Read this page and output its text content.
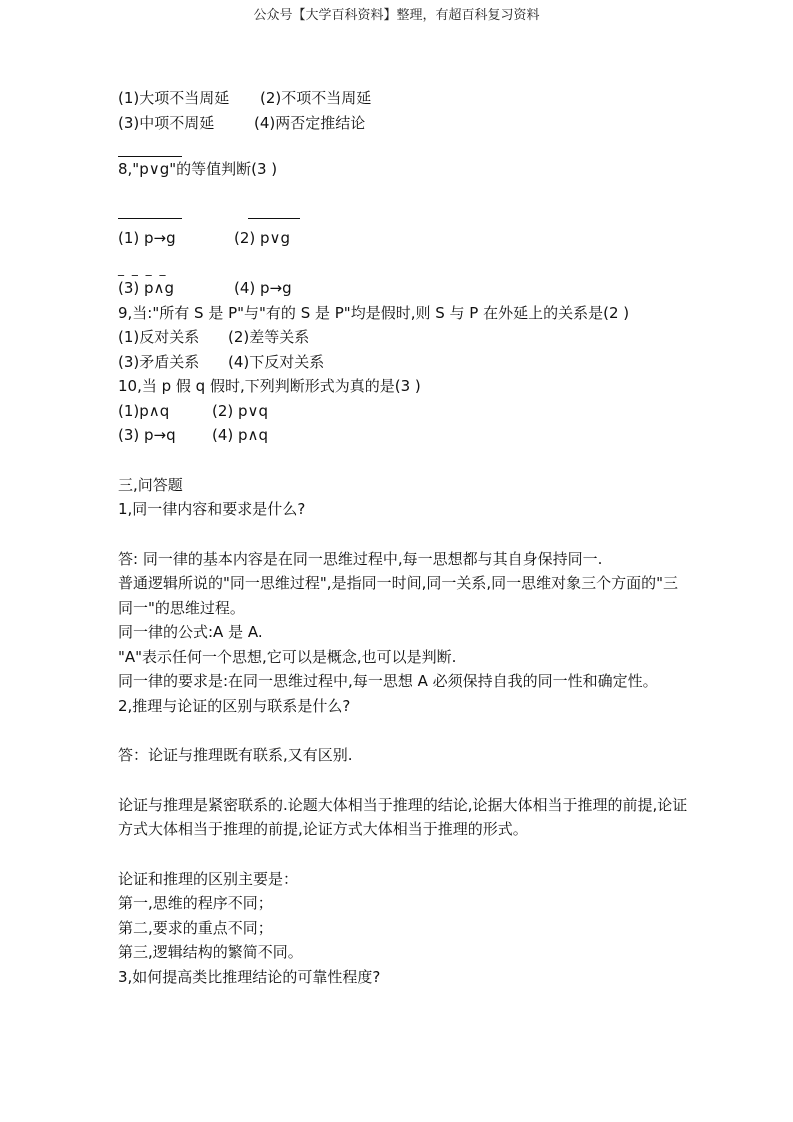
公众号【大学百科资料】整理，有超百科复习资料
(1)大项不当周延 (2)不项不当周延
(3)中项不周延	(4)两否定推结论
8,"p∨g"的等值判断(3 )
(1) p→g	(2) p∨g
_ _ _ _
(3) p∧g	(4) p→g
9,当:"所有 S 是 P"与"有的 S 是 P"均是假时,则 S 与 P 在外延上的关系是(2 )
(1)反对关系 (2)差等关系
(3)矛盾关系 (4)下反对关系
10,当 p 假 q 假时,下列判断形式为真的是(3 )
(1)p∧q	(2) p∨q
(3) p→q (4) p∧q
三,问答题
1,同一律内容和要求是什么?
答: 同一律的基本内容是在同一思维过程中,每一思想都与其自身保持同一.
普通逻辑所说的"同一思维过程",是指同一时间,同一关系,同一思维对象三个方面的"三同一"的思维过程。
同一律的公式:A 是 A.
"A"表示任何一个思想,它可以是概念,也可以是判断.
同一律的要求是:在同一思维过程中,每一思想 A 必须保持自我的同一性和确定性。
2,推理与论证的区别与联系是什么?
答：论证与推理既有联系,又有区别.
论证与推理是紧密联系的.论题大体相当于推理的结论,论据大体相当于推理的前提,论证方式大体相当于推理的前提,论证方式大体相当于推理的形式。
论证和推理的区别主要是：
第一,思维的程序不同；
第二,要求的重点不同；
第三,逻辑结构的繁简不同。
3,如何提高类比推理结论的可靠性程度?
